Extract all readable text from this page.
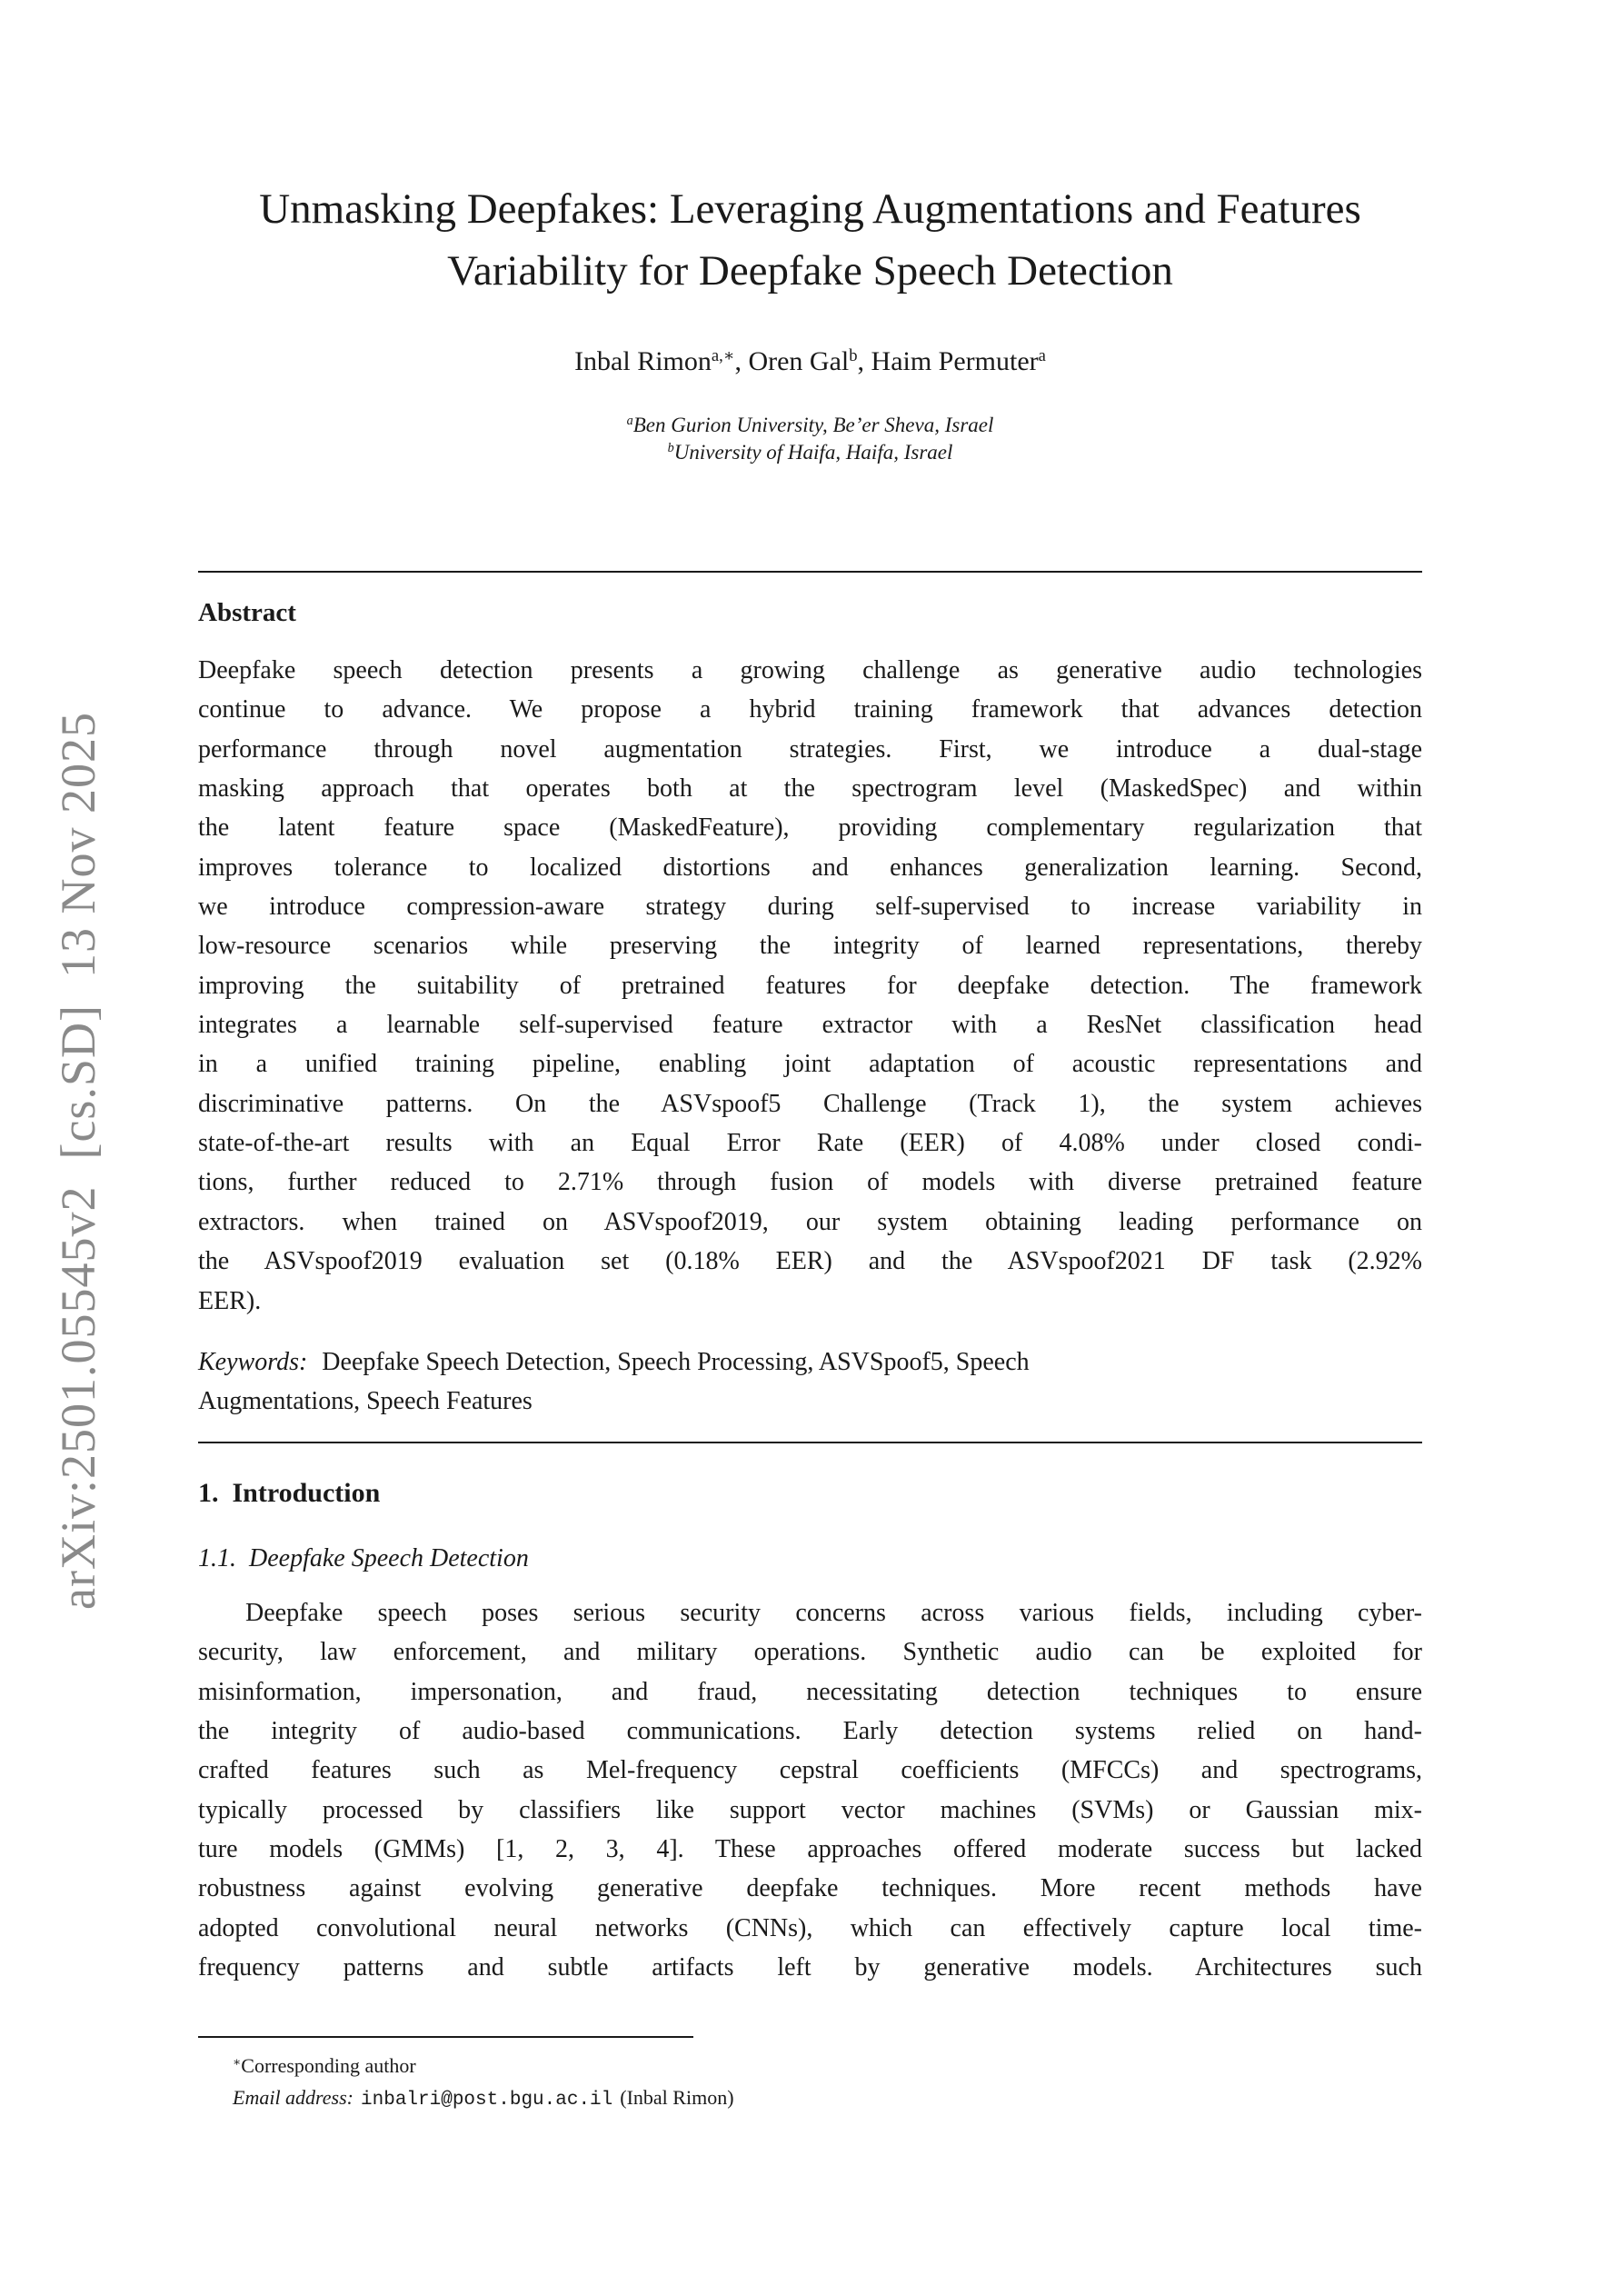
arXiv:2501.05545v2  [cs.SD]  13 Nov 2025
Unmasking Deepfakes: Leveraging Augmentations and Features
Variability for Deepfake Speech Detection
Inbal Rimon$^{a,∗}$, Oren Gal$^b$, Haim Permuter$^a$
$^a$Ben Gurion University, Be’er Sheva, Israel
$^b$University of Haifa, Haifa, Israel
Abstract
Deepfake speech detection presents a growing challenge as generative audio technologies
continue to advance. We propose a hybrid training framework that advances detection
performance through novel augmentation strategies. First, we introduce a dual-stage
masking approach that operates both at the spectrogram level (MaskedSpec) and within
the latent feature space (MaskedFeature), providing complementary regularization that
improves tolerance to localized distortions and enhances generalization learning. Second,
we introduce compression-aware strategy during self-supervised to increase variability in
low-resource scenarios while preserving the integrity of learned representations, thereby
improving the suitability of pretrained features for deepfake detection. The framework
integrates a learnable self-supervised feature extractor with a ResNet classification head
in a unified training pipeline, enabling joint adaptation of acoustic representations and
discriminative patterns. On the ASVspoof5 Challenge (Track 1), the system achieves
state-of-the-art results with an Equal Error Rate (EER) of 4.08% under closed condi-
tions, further reduced to 2.71% through fusion of models with diverse pretrained feature
extractors. when trained on ASVspoof2019, our system obtaining leading performance on
the ASVspoof2019 evaluation set (0.18% EER) and the ASVspoof2021 DF task (2.92%
EER).
Keywords: Deepfake Speech Detection, Speech Processing, ASVSpoof5, Speech
Augmentations, Speech Features
1.  Introduction
1.1.  Deepfake Speech Detection
Deepfake speech poses serious security concerns across various fields, including cyber-
security, law enforcement, and military operations. Synthetic audio can be exploited for
misinformation, impersonation, and fraud, necessitating detection techniques to ensure
the integrity of audio-based communications. Early detection systems relied on hand-
crafted features such as Mel-frequency cepstral coefficients (MFCCs) and spectrograms,
typically processed by classifiers like support vector machines (SVMs) or Gaussian mix-
ture models (GMMs) [1, 2, 3, 4]. These approaches offered moderate success but lacked
robustness against evolving generative deepfake techniques. More recent methods have
adopted convolutional neural networks (CNNs), which can effectively capture local time-
frequency patterns and subtle artifacts left by generative models. Architectures such
∗Corresponding author
Email address: inbalri@post.bgu.ac.il (Inbal Rimon)
